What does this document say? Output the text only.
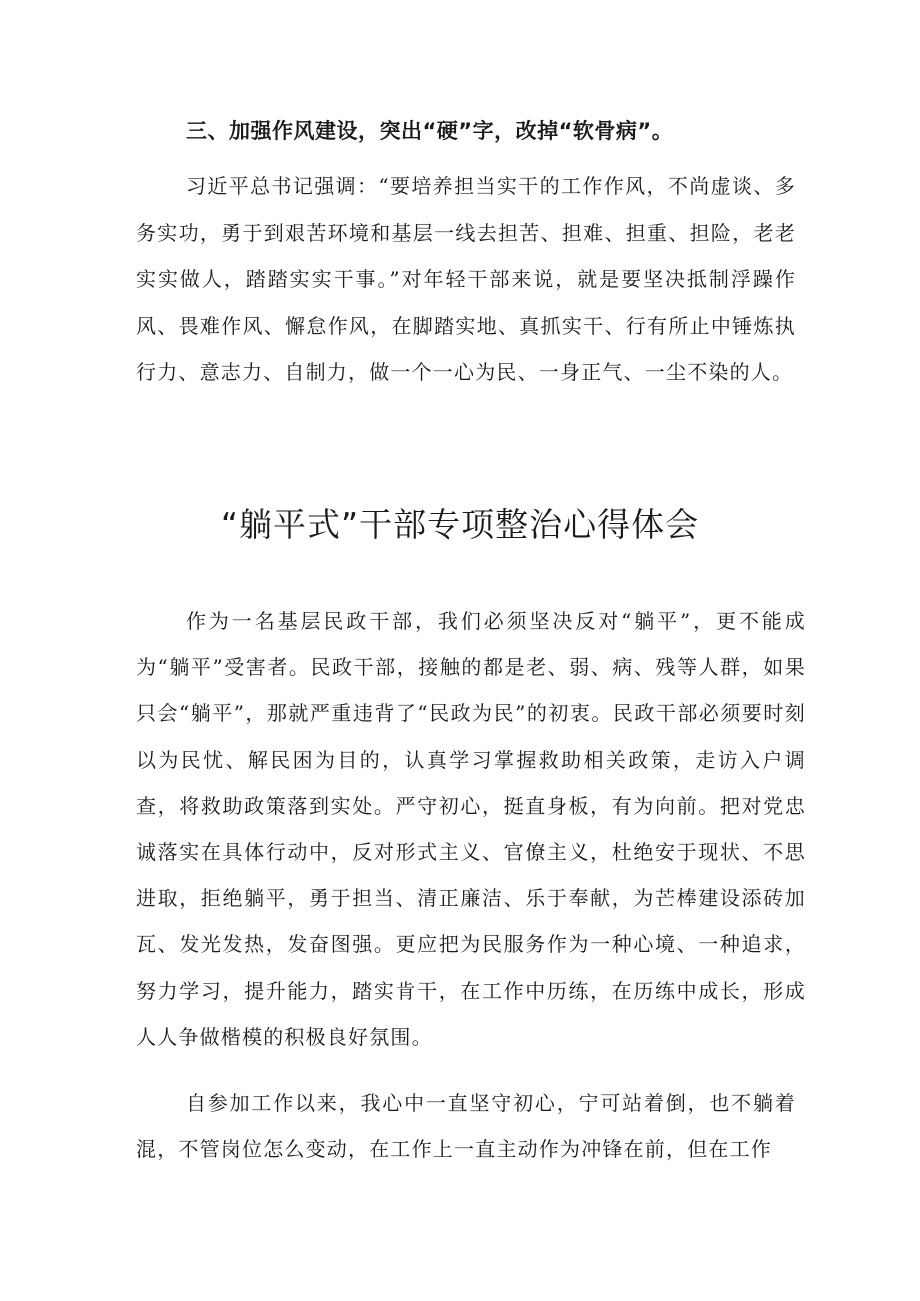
三、加强作风建设，突出“硬”字，改掉“软骨病”。

习近平总书记强调：“要培养担当实干的工作作风，不尚虚谈、多务实功，勇于到艰苦环境和基层一线去担苦、担难、担重、担险，老老实实做人，踏踏实实干事。”对年轻干部来说，就是要坚决抵制浮躁作风、畏难作风、懈怠作风，在脚踏实地、真抓实干、行有所止中锤炼执行力、意志力、自制力，做一个一心为民、一身正气、一尘不染的人。

“躺平式”干部专项整治心得体会

作为一名基层民政干部，我们必须坚决反对“躺平”，更不能成为“躺平”受害者。民政干部，接触的都是老、弱、病、残等人群，如果只会“躺平”，那就严重违背了“民政为民”的初衷。民政干部必须要时刻以为民忧、解民困为目的，认真学习掌握救助相关政策，走访入户调查，将救助政策落到实处。严守初心，挺直身板，有为向前。把对党忠诚落实在具体行动中，反对形式主义、官僚主义，杜绝安于现状、不思进取，拒绝躺平，勇于担当、清正廉洁、乐于奉献，为芒棒建设添砖加瓦、发光发热，发奋图强。更应把为民服务作为一种心境、一种追求，努力学习，提升能力，踏实肯干，在工作中历练，在历练中成长，形成人人争做楷模的积极良好氛围。

自参加工作以来，我心中一直坚守初心，宁可站着倒，也不躺着混，不管岗位怎么变动，在工作上一直主动作为冲锋在前，但在工作
